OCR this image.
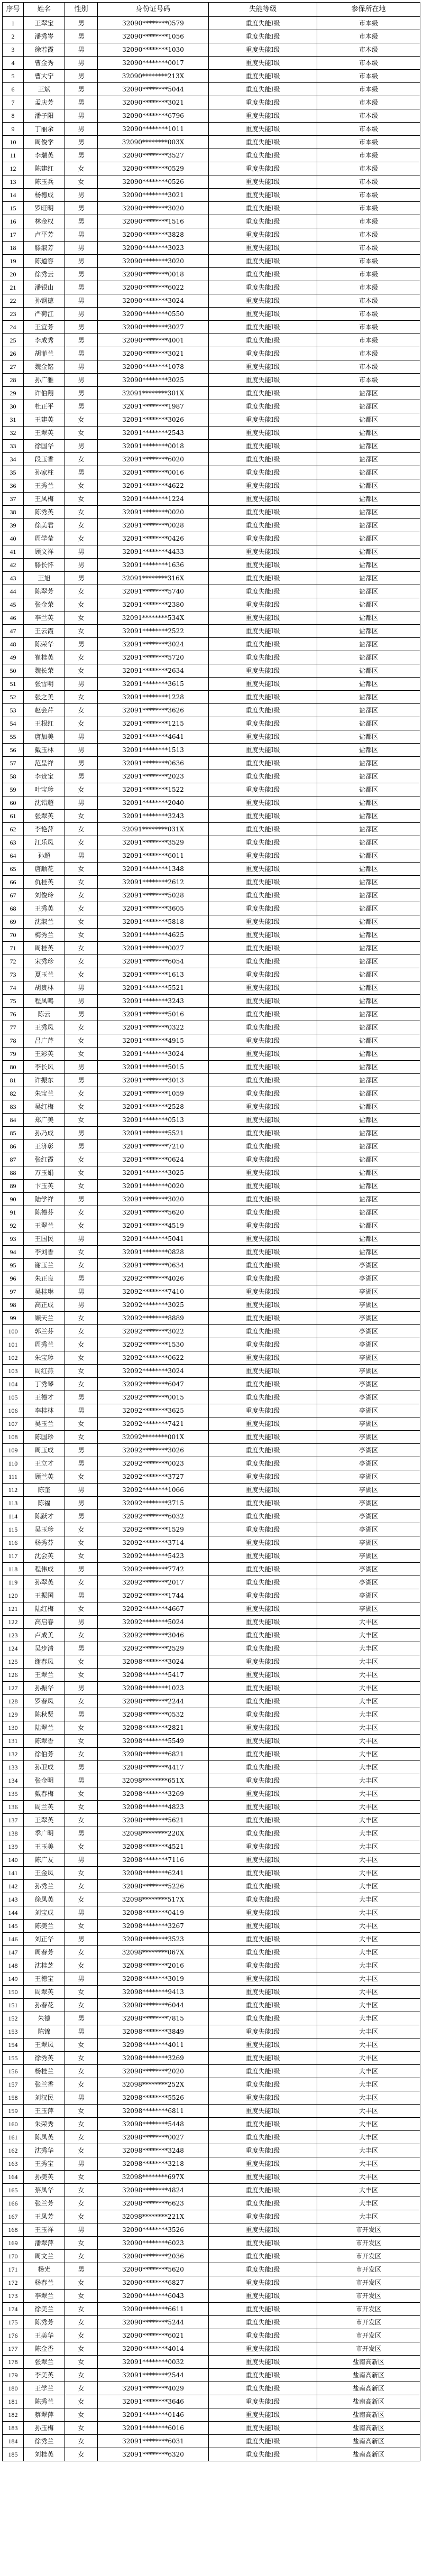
序号	姓名	性别	身份证号码	失能等级	参保所在地
1	王翠宝	男	32090********0579	重度失能Ⅰ级	市本级
2	潘秀岑	男	32090********1056	重度失能Ⅰ级	市本级
3	徐若霞	男	32090********1030	重度失能Ⅰ级	市本级
4	曹金秀	男	32090********0017	重度失能Ⅰ级	市本级
5	曹大宁	男	32090********213X	重度失能Ⅰ级	市本级
6	王斌	男	32090********5044	重度失能Ⅰ级	市本级
7	孟庆芳	男	32090********3021	重度失能Ⅰ级	市本级
8	潘子阳	男	32090********6796	重度失能Ⅰ级	市本级
9	丁丽余	男	32090********1011	重度失能Ⅰ级	市本级
10	周俊学	男	32090********003X	重度失能Ⅰ级	市本级
11	李瑞英	男	32090********3527	重度失能Ⅰ级	市本级
12	陈建红	女	32090********0529	重度失能Ⅰ级	市本级
13	陈玉兵	女	32090********0526	重度失能Ⅰ级	市本级
14	杨德成	男	32090********3021	重度失能Ⅰ级	市本级
15	罗旺明	男	32090********3020	重度失能Ⅰ级	市本级
16	林金权	男	32090********1516	重度失能Ⅰ级	市本级
17	卢平芳	男	32090********3828	重度失能Ⅰ级	市本级
18	滕淑芳	男	32090********3023	重度失能Ⅰ级	市本级
19	陈道容	男	32090********3020	重度失能Ⅰ级	市本级
20	徐秀云	男	32090********0018	重度失能Ⅰ级	市本级
21	潘银山	男	32090********6022	重度失能Ⅰ级	市本级
22	孙钢德	男	32090********3024	重度失能Ⅰ级	市本级
23	严荷江	男	32090********0550	重度失能Ⅰ级	市本级
24	王宜芳	男	32090********3027	重度失能Ⅰ级	市本级
25	李成秀	男	32090********4001	重度失能Ⅰ级	市本级
26	胡菲兰	男	32090********3021	重度失能Ⅰ级	市本级
27	魏金铭	男	32090********1078	重度失能Ⅰ级	市本级
28	孙广雅	男	32090********3025	重度失能Ⅰ级	市本级
29	许伯翔	男	32091********301X	重度失能Ⅰ级	盐都区
30	杜正平	男	32091********1987	重度失能Ⅰ级	盐都区
31	王建英	女	32091********3026	重度失能Ⅰ级	盐都区
32	王翠英	女	32091********2543	重度失能Ⅰ级	盐都区
33	徐国华	男	32091********0018	重度失能Ⅰ级	盐都区
34	段玉香	女	32091********6020	重度失能Ⅰ级	盐都区
35	孙家柱	男	32091********0016	重度失能Ⅰ级	盐都区
36	王秀兰	女	32091********4622	重度失能Ⅰ级	盐都区
37	王凤梅	女	32091********1224	重度失能Ⅰ级	盐都区
38	陈秀英	女	32091********0020	重度失能Ⅰ级	盐都区
39	徐美君	女	32091********0028	重度失能Ⅰ级	盐都区
40	周学莹	女	32091********0426	重度失能Ⅰ级	盐都区
41	顾文祥	男	32091********4433	重度失能Ⅰ级	盐都区
42	滕长怀	男	32091********1636	重度失能Ⅰ级	盐都区
43	王旭	男	32091********316X	重度失能Ⅰ级	盐都区
44	陈翠芳	女	32091********5740	重度失能Ⅰ级	盐都区
45	张金荣	女	32091********2380	重度失能Ⅰ级	盐都区
46	李兰英	女	32091********534X	重度失能Ⅰ级	盐都区
47	王云霞	女	32091********2522	重度失能Ⅰ级	盐都区
48	陈荣华	男	32091********3024	重度失能Ⅰ级	盐都区
49	崔桂英	女	32091********5720	重度失能Ⅰ级	盐都区
50	魏长荣	女	32091********2634	重度失能Ⅰ级	盐都区
51	张雪明	男	32091********3615	重度失能Ⅰ级	盐都区
52	张之美	女	32091********1228	重度失能Ⅰ级	盐都区
53	赵会芹	女	32091********3626	重度失能Ⅰ级	盐都区
54	王根红	女	32091********1215	重度失能Ⅰ级	盐都区
55	唐加美	男	32091********4641	重度失能Ⅰ级	盐都区
56	戴玉林	男	32091********1513	重度失能Ⅰ级	盐都区
57	范呈祥	男	32091********0636	重度失能Ⅰ级	盐都区
58	李贵宝	男	32091********2023	重度失能Ⅰ级	盐都区
59	叶宝珍	女	32091********1522	重度失能Ⅰ级	盐都区
60	沈铅超	男	32091********2040	重度失能Ⅰ级	盐都区
61	张翠英	女	32091********3243	重度失能Ⅰ级	盐都区
62	李艳萍	女	32091********031X	重度失能Ⅰ级	盐都区
63	江乐凤	女	32091********3529	重度失能Ⅰ级	盐都区
64	孙超	男	32091********6011	重度失能Ⅰ级	盐都区
65	唐顺花	女	32091********1348	重度失能Ⅰ级	盐都区
66	仇桂英	女	32091********2612	重度失能Ⅰ级	盐都区
67	刘俊玲	女	32091********5028	重度失能Ⅰ级	盐都区
68	王秀英	女	32091********3605	重度失能Ⅰ级	盐都区
69	沈淑兰	女	32091********5818	重度失能Ⅰ级	盐都区
70	梅秀兰	女	32091********4625	重度失能Ⅰ级	盐都区
71	周桂英	女	32091********0027	重度失能Ⅰ级	盐都区
72	宋秀珍	女	32091********6054	重度失能Ⅰ级	盐都区
73	夏玉兰	女	32091********1613	重度失能Ⅰ级	盐都区
74	胡贵林	男	32091********5521	重度失能Ⅰ级	盐都区
75	程凤鸣	男	32091********3243	重度失能Ⅰ级	盐都区
76	陈云	男	32091********5016	重度失能Ⅰ级	盐都区
77	王秀凤	女	32091********0322	重度失能Ⅰ级	盐都区
78	吕广芹	女	32091********4915	重度失能Ⅰ级	盐都区
79	王彩英	女	32091********3024	重度失能Ⅰ级	盐都区
80	李长风	男	32091********5015	重度失能Ⅰ级	盐都区
81	许振东	男	32091********3013	重度失能Ⅰ级	盐都区
82	朱宝兰	女	32091********1059	重度失能Ⅰ级	盐都区
83	吴红梅	女	32091********2528	重度失能Ⅰ级	盐都区
84	郑广美	女	32091********0513	重度失能Ⅰ级	盐都区
85	孙乃成	男	32091********5521	重度失能Ⅰ级	盐都区
86	王济彰	男	32091********7210	重度失能Ⅰ级	盐都区
87	张红霞	女	32091********0624	重度失能Ⅰ级	盐都区
88	万玉娟	女	32091********3025	重度失能Ⅰ级	盐都区
89	卞玉英	女	32091********0020	重度失能Ⅰ级	盐都区
90	陆学祥	男	32091********3020	重度失能Ⅰ级	盐都区
91	陈德芬	女	32091********5620	重度失能Ⅰ级	盐都区
92	王翠兰	女	32091********4519	重度失能Ⅰ级	盐都区
93	王国民	男	32091********5041	重度失能Ⅰ级	盐都区
94	李刘香	女	32091********0828	重度失能Ⅰ级	盐都区
95	谢玉兰	女	32091********0634	重度失能Ⅰ级	亭湖区
96	朱正良	男	32092********4026	重度失能Ⅰ级	亭湖区
97	吴桂琳	男	32092********7410	重度失能Ⅰ级	亭湖区
98	高正成	男	32092********3025	重度失能Ⅰ级	亭湖区
99	顾天兰	女	32092********8889	重度失能Ⅰ级	亭湖区
100	郭兰芬	女	32092********3022	重度失能Ⅰ级	亭湖区
101	周秀兰	女	32092********1530	重度失能Ⅰ级	亭湖区
102	朱宝珍	女	32092********0622	重度失能Ⅰ级	亭湖区
103	周红燕	女	32092********3024	重度失能Ⅰ级	亭湖区
104	丁秀琴	女	32092********6047	重度失能Ⅰ级	亭湖区
105	王德才	男	32092********0015	重度失能Ⅰ级	亭湖区
106	李桂林	男	32092********3625	重度失能Ⅰ级	亭湖区
107	吴玉兰	女	32092********7421	重度失能Ⅰ级	亭湖区
108	陈国珍	女	32092********001X	重度失能Ⅰ级	亭湖区
109	周玉成	男	32092********3026	重度失能Ⅰ级	亭湖区
110	王立才	男	32092********0023	重度失能Ⅰ级	亭湖区
111	顾兰英	女	32092********3727	重度失能Ⅰ级	亭湖区
112	陈奎	男	32092********1066	重度失能Ⅰ级	亭湖区
113	陈福	男	32092********3715	重度失能Ⅰ级	亭湖区
114	陈跃才	男	32092********6032	重度失能Ⅰ级	亭湖区
115	吴玉珍	女	32092********1529	重度失能Ⅰ级	亭湖区
116	杨秀芬	女	32092********3714	重度失能Ⅰ级	亭湖区
117	沈会英	女	32092********5423	重度失能Ⅰ级	亭湖区
118	程伟成	男	32092********7742	重度失能Ⅰ级	亭湖区
119	孙翠英	女	32092********2017	重度失能Ⅰ级	亭湖区
120	王振国	男	32092********1744	重度失能Ⅰ级	亭湖区
121	陆红梅	女	32092********4667	重度失能Ⅰ级	亭湖区
122	高启春	男	32092********5024	重度失能Ⅰ级	大丰区
123	卢成美	女	32092********3046	重度失能Ⅰ级	大丰区
124	吴步清	男	32092********2529	重度失能Ⅰ级	大丰区
125	谢春凤	女	32098********3024	重度失能Ⅰ级	大丰区
126	王翠兰	女	32098********5417	重度失能Ⅰ级	大丰区
127	孙振华	男	32098********1023	重度失能Ⅰ级	大丰区
128	罗春凤	女	32098********2244	重度失能Ⅰ级	大丰区
129	陈秋贤	男	32098********0532	重度失能Ⅰ级	大丰区
130	陆翠兰	女	32098********2821	重度失能Ⅰ级	大丰区
131	陈翠香	女	32098********5549	重度失能Ⅰ级	大丰区
132	徐伯芳	女	32098********6821	重度失能Ⅰ级	大丰区
133	孙卫成	男	32098********4417	重度失能Ⅰ级	大丰区
134	张金明	男	32098********651X	重度失能Ⅰ级	大丰区
135	戴春梅	女	32098********3269	重度失能Ⅰ级	大丰区
136	周兰英	女	32098********4823	重度失能Ⅰ级	大丰区
137	王翠英	女	32098********5621	重度失能Ⅰ级	大丰区
138	季广明	男	32098********220X	重度失能Ⅰ级	大丰区
139	王玉美	女	32098********4521	重度失能Ⅰ级	大丰区
140	陈广友	男	32098********7116	重度失能Ⅰ级	大丰区
141	王金凤	女	32098********6241	重度失能Ⅰ级	大丰区
142	孙秀兰	女	32098********5226	重度失能Ⅰ级	大丰区
143	徐凤英	女	32098********517X	重度失能Ⅰ级	大丰区
144	刘宝成	男	32098********0419	重度失能Ⅰ级	大丰区
145	陈美兰	女	32098********3267	重度失能Ⅰ级	大丰区
146	刘正华	男	32098********3523	重度失能Ⅰ级	大丰区
147	周春芳	女	32098********067X	重度失能Ⅰ级	大丰区
148	沈桂芝	女	32098********2016	重度失能Ⅰ级	大丰区
149	王德宝	男	32098********3019	重度失能Ⅰ级	大丰区
150	周翠英	女	32098********9413	重度失能Ⅰ级	大丰区
151	孙春花	女	32098********6044	重度失能Ⅰ级	大丰区
152	朱德	男	32098********7815	重度失能Ⅰ级	大丰区
153	陈锦	男	32098********3849	重度失能Ⅰ级	大丰区
154	王翠凤	女	32098********4011	重度失能Ⅰ级	大丰区
155	徐秀英	女	32098********3269	重度失能Ⅰ级	大丰区
156	杨桂兰	女	32098********2020	重度失能Ⅰ级	大丰区
157	张兰香	女	32098********252X	重度失能Ⅰ级	大丰区
158	刘汉民	男	32098********5526	重度失能Ⅰ级	大丰区
159	王玉萍	女	32098********6811	重度失能Ⅰ级	大丰区
160	朱荣秀	女	32098********5448	重度失能Ⅰ级	大丰区
161	陈凤英	女	32098********0027	重度失能Ⅰ级	大丰区
162	沈秀华	女	32098********3248	重度失能Ⅰ级	大丰区
163	王秀宝	男	32098********3218	重度失能Ⅰ级	大丰区
164	孙美英	女	32098********697X	重度失能Ⅰ级	大丰区
165	蔡凤华	女	32098********4824	重度失能Ⅰ级	大丰区
166	张兰芳	女	32098********6623	重度失能Ⅰ级	大丰区
167	王凤芳	女	32098********221X	重度失能Ⅰ级	大丰区
168	王玉祥	男	32090********3526	重度失能Ⅰ级	市开发区
169	潘翠萍	女	32090********6023	重度失能Ⅰ级	市开发区
170	周文兰	女	32090********2036	重度失能Ⅰ级	市开发区
171	杨光	男	32090********5620	重度失能Ⅰ级	市开发区
172	杨春兰	女	32090********6827	重度失能Ⅰ级	市开发区
173	李翠兰	女	32090********6043	重度失能Ⅰ级	市开发区
174	徐美兰	女	32090********6611	重度失能Ⅰ级	市开发区
175	陈秀芳	女	32090********5244	重度失能Ⅰ级	市开发区
176	王美华	女	32090********6021	重度失能Ⅰ级	市开发区
177	陈金香	女	32090********4014	重度失能Ⅰ级	市开发区
178	张翠兰	女	32091********0032	重度失能Ⅰ级	盐南高新区
179	李美英	女	32091********2544	重度失能Ⅰ级	盐南高新区
180	王学兰	女	32091********4029	重度失能Ⅰ级	盐南高新区
181	陈秀兰	女	32091********3646	重度失能Ⅰ级	盐南高新区
182	蔡翠萍	女	32091********0146	重度失能Ⅰ级	盐南高新区
183	孙玉梅	女	32091********6016	重度失能Ⅰ级	盐南高新区
184	徐秀兰	女	32091********6031	重度失能Ⅰ级	盐南高新区
185	刘桂英	女	32091********6320	重度失能Ⅰ级	盐南高新区
